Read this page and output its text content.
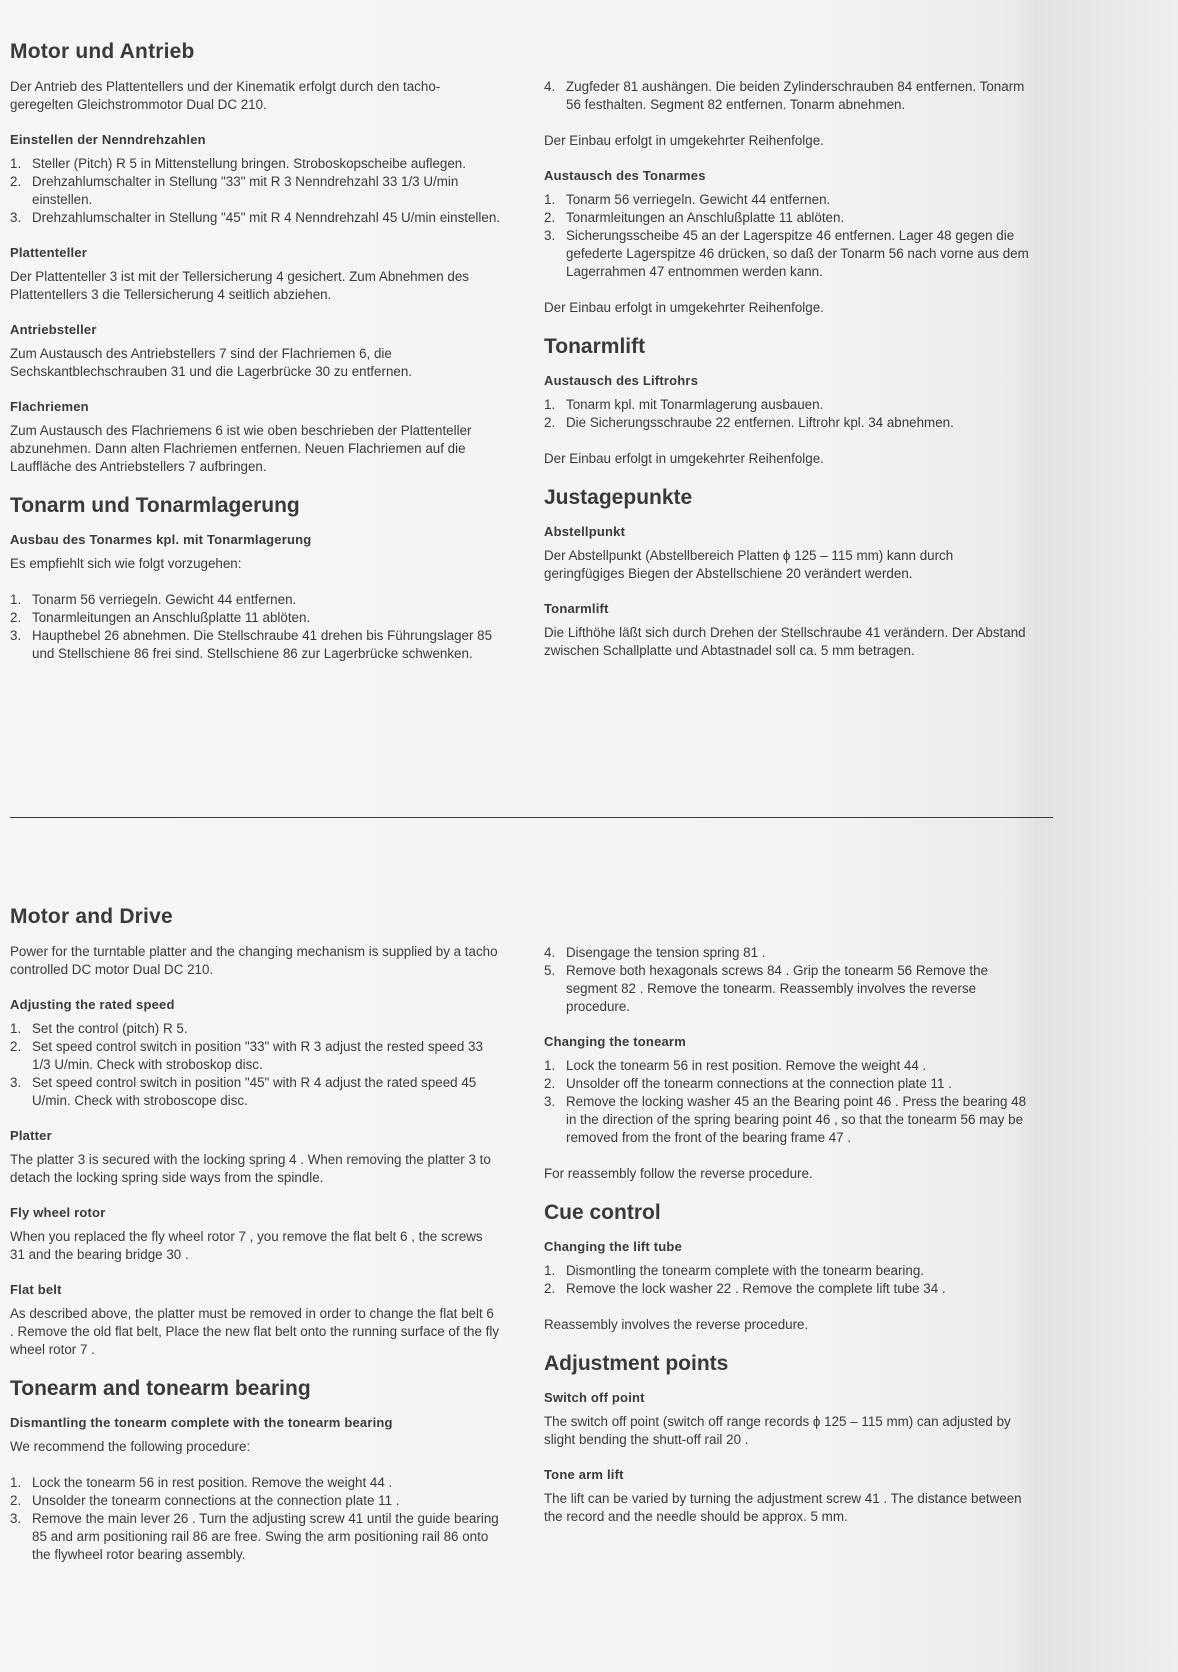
Motor und Antrieb

Der Antrieb des Plattentellers und der Kinematik erfolgt durch den tacho-geregelten Gleichstrommotor Dual DC 210.

Einstellen der Nenndrehzahlen
1. Steller (Pitch) R 5 in Mittenstellung bringen. Stroboskopscheibe auflegen.
2. Drehzahlumschalter in Stellung "33" mit R 3 Nenndrehzahl 33 1/3 U/min einstellen.
3. Drehzahlumschalter in Stellung "45" mit R 4 Nenndrehzahl 45 U/min einstellen.
Plattenteller

Der Plattenteller 3 ist mit der Tellersicherung 4 gesichert. Zum Abnehmen des Plattentellers 3 die Tellersicherung 4 seitlich abziehen.

Antriebsteller

Zum Austausch des Antriebstellers 7 sind der Flachriemen 6, die Sechskantblechschrauben 31 und die Lagerbrücke 30 zu entfernen.

Flachriemen

Zum Austausch des Flachriemens 6 ist wie oben beschrieben der Plattenteller abzunehmen. Dann alten Flachriemen entfernen. Neuen Flachriemen auf die Lauffläche des Antriebstellers 7 aufbringen.

Tonarm und Tonarmlagerung
Ausbau des Tonarmes kpl. mit Tonarmlagerung

Es empfiehlt sich wie folgt vorzugehen:

1. Tonarm 56 verriegeln. Gewicht 44 entfernen.
2. Tonarmleitungen an Anschlußplatte 11 ablöten.
3. Haupthebel 26 abnehmen. Die Stellschraube 41 drehen bis Führungslager 85 und Stellschiene 86 frei sind. Stellschiene 86 zur Lagerbrücke schwenken.
4. Zugfeder 81 aushängen. Die beiden Zylinderschrauben 84 entfernen. Tonarm 56 festhalten. Segment 82 entfernen. Tonarm abnehmen.

Der Einbau erfolgt in umgekehrter Reihenfolge.

Austausch des Tonarmes
1. Tonarm 56 verriegeln. Gewicht 44 entfernen.
2. Tonarmleitungen an Anschlußplatte 11 ablöten.
3. Sicherungsscheibe 45 an der Lagerspitze 46 entfernen. Lager 48 gegen die gefederte Lagerspitze 46 drücken, so daß der Tonarm 56 nach vorne aus dem Lagerrahmen 47 entnommen werden kann.

Der Einbau erfolgt in umgekehrter Reihenfolge.

Tonarmlift
Austausch des Liftrohrs
1. Tonarm kpl. mit Tonarmlagerung ausbauen.
2. Die Sicherungsschraube 22 entfernen. Liftrohr kpl. 34 abnehmen.

Der Einbau erfolgt in umgekehrter Reihenfolge.

Justagepunkte
Abstellpunkt

Der Abstellpunkt (Abstellbereich Platten ϕ 125 – 115 mm) kann durch geringfügiges Biegen der Abstellschiene 20 verändert werden.

Tonarmlift

Die Lifthöhe läßt sich durch Drehen der Stellschraube 41 verändern. Der Abstand zwischen Schallplatte und Abtastnadel soll ca. 5 mm betragen.

Motor and Drive

Power for the turntable platter and the changing mechanism is supplied by a tacho controlled DC motor Dual DC 210.

Adjusting the rated speed
1. Set the control (pitch) R 5.
2. Set speed control switch in position "33" with R 3 adjust the rested speed 33 1/3 U/min. Check with stroboskop disc.
3. Set speed control switch in position "45" with R 4 adjust the rated speed 45 U/min. Check with stroboscope disc.
Platter

The platter 3 is secured with the locking spring 4 . When removing the platter 3 to detach the locking spring side ways from the spindle.

Fly wheel rotor

When you replaced the fly wheel rotor 7 , you remove the flat belt 6 , the screws 31 and the bearing bridge 30 .

Flat belt

As described above, the platter must be removed in order to change the flat belt 6 . Remove the old flat belt, Place the new flat belt onto the running surface of the fly wheel rotor 7 .

Tonearm and tonearm bearing
Dismantling the tonearm complete with the tonearm bearing

We recommend the following procedure:

1. Lock the tonearm 56 in rest position. Remove the weight 44 .
2. Unsolder the tonearm connections at the connection plate 11 .
3. Remove the main lever 26 . Turn the adjusting screw 41 until the guide bearing 85 and arm positioning rail 86 are free. Swing the arm positioning rail 86 onto the flywheel rotor bearing assembly.
4. Disengage the tension spring 81 .
5. Remove both hexagonals screws 84 . Grip the tonearm 56 Remove the segment 82 . Remove the tonearm. Reassembly involves the reverse procedure.
Changing the tonearm
1. Lock the tonearm 56 in rest position. Remove the weight 44 .
2. Unsolder off the tonearm connections at the connection plate 11 .
3. Remove the locking washer 45 an the Bearing point 46 . Press the bearing 48 in the direction of the spring bearing point 46 , so that the tonearm 56 may be removed from the front of the bearing frame 47 .

For reassembly follow the reverse procedure.

Cue control
Changing the lift tube
1. Dismontling the tonearm complete with the tonearm bearing.
2. Remove the lock washer 22 . Remove the complete lift tube 34 .

Reassembly involves the reverse procedure.

Adjustment points
Switch off point

The switch off point (switch off range records ϕ 125 – 115 mm) can adjusted by slight bending the shutt-off rail 20 .

Tone arm lift

The lift can be varied by turning the adjustment screw 41 . The distance between the record and the needle should be approx. 5 mm.
